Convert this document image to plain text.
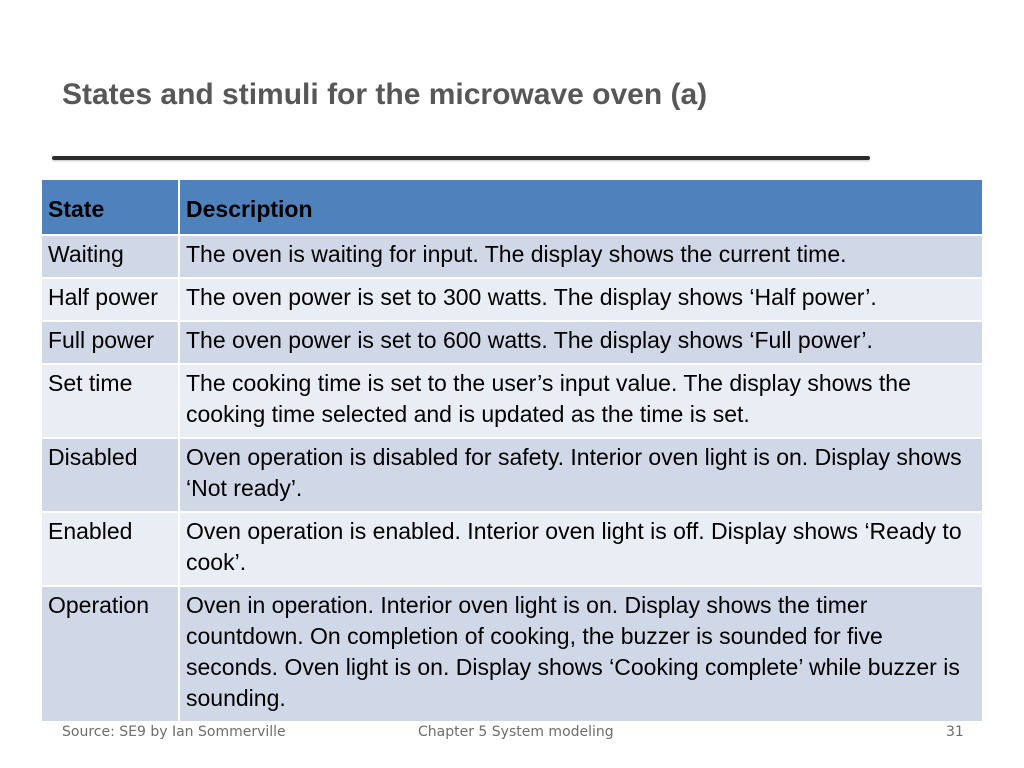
States and stimuli for the microwave oven (a)
State	Description
Waiting	The oven is waiting for input. The display shows the current time.
Half power	The oven power is set to 300 watts. The display shows ‘Half power’.
Full power	The oven power is set to 600 watts. The display shows ‘Full power’.
Set time	The cooking time is set to the user’s input value. The display shows the cooking time selected and is updated as the time is set.
Disabled	Oven operation is disabled for safety. Interior oven light is on. Display shows ‘Not ready’.
Enabled	Oven operation is enabled. Interior oven light is off. Display shows ‘Ready to cook’.
Operation	Oven in operation. Interior oven light is on. Display shows the timer countdown. On completion of cooking, the buzzer is sounded for five seconds. Oven light is on. Display shows ‘Cooking complete’ while buzzer is sounding.
Source: SE9 by Ian Sommerville	Chapter 5 System modeling	31
